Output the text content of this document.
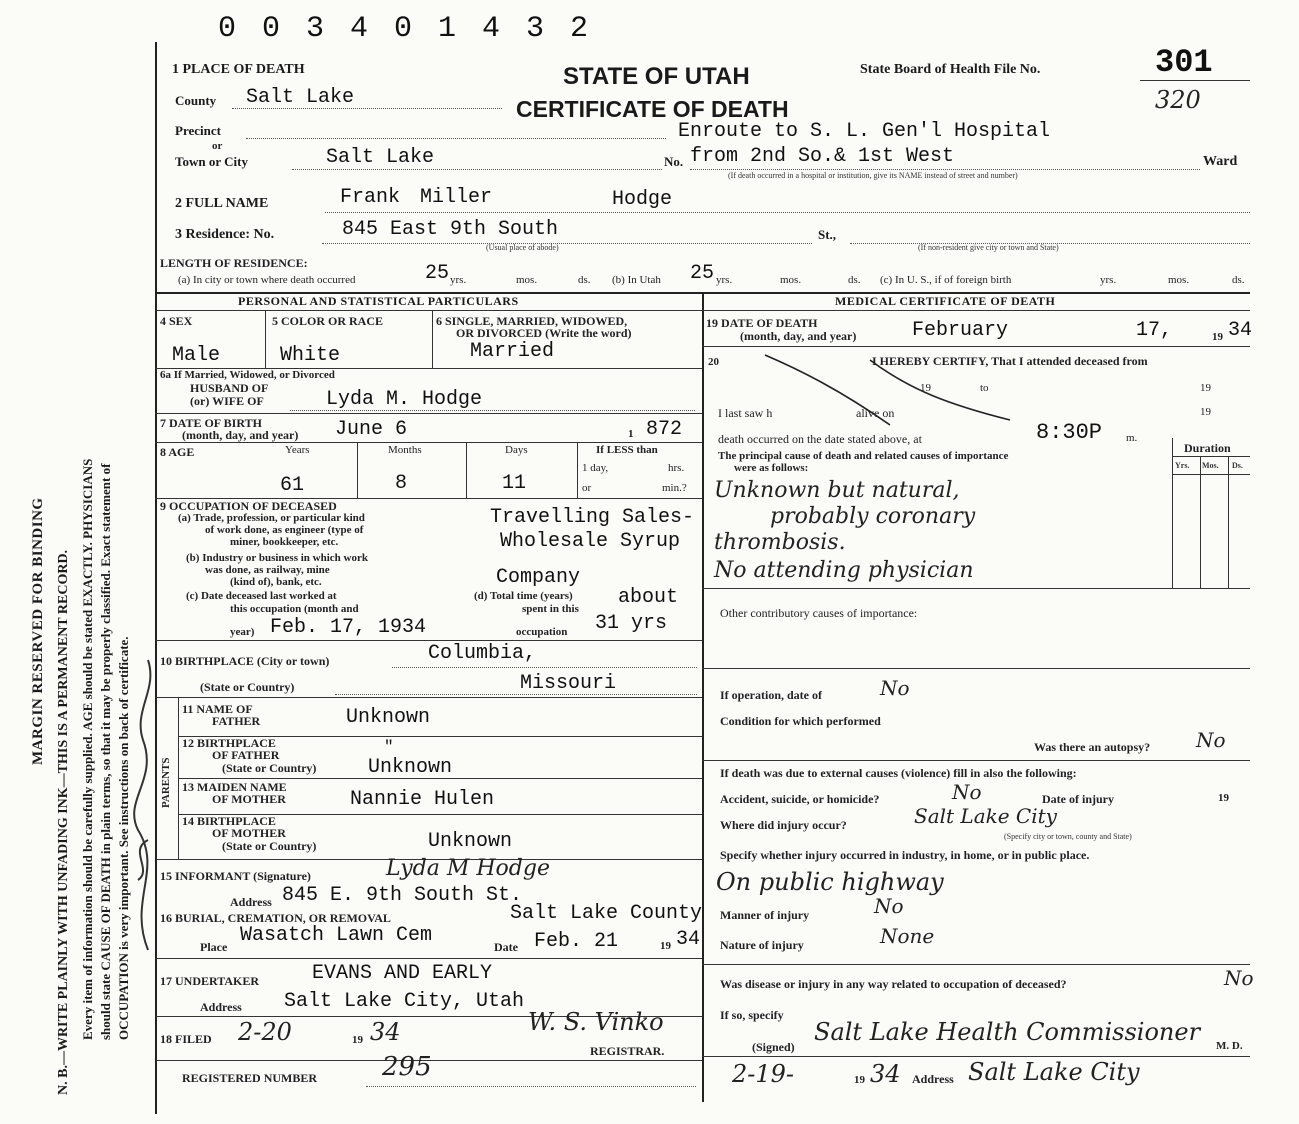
0 0 3 4 0 1 4 3 2
MARGIN RESERVED FOR BINDING N. B.—WRITE PLAINLY WITH UNFADING INK—THIS IS A PERMANENT RECORD. Every item of information should be carefully supplied. AGE should be stated EXACTLY. PHYSICIANS should state CAUSE OF DEATH in plain terms, so that it may be properly classified. Exact statement of OCCUPATION is very important. See instructions on back of certificate.
1 PLACE OF DEATH	STATE OF UTAH
CERTIFICATE OF DEATH
State Board of Health File No.	301
320
County Salt Lake
Precinct
or
Town or City	Salt Lake	No.
Enroute to S. L. Gen'l Hospital
from 2nd So.& 1st West	Ward
(If death occurred in a hospital or institution, give its NAME instead of street and number)
2 FULL NAME	Frank Miller	Hodge
3 Residence: No.	845 East 9th South	St.,
(Usual place of abode)	(If non-resident give city or town and State)
LENGTH OF RESIDENCE:
(a) In city or town where death occurred	25 yrs.	mos.	ds. (b) In Utah 25 yrs.	mos.	ds. (c) In U. S., if of foreign birth	yrs.	mos.	ds.
PERSONAL AND STATISTICAL PARTICULARS	MEDICAL CERTIFICATE OF DEATH
4 SEX	5 COLOR OR RACE	6 SINGLE, MARRIED, WIDOWED,
OR DIVORCED (Write the word)
Male	White	Married
6a If Married, Widowed, or Divorced
HUSBAND OF
(or) WIFE OF	Lyda M. Hodge
7 DATE OF BIRTH
(month, day, and year) June 6	1 872
8 AGE	Years	Months	Days	If LESS than
1 day,	hrs.
or	min.?
61	8	11
9 OCCUPATION OF DECEASED
(a) Trade, profession, or particular kind
of work done, as engineer (type of
miner, bookkeeper, etc.
Travelling Sales-
(b) Industry or business in which work
was done, as railway, mine
(kind of), bank, etc.
Wholesale Syrup
Company
(c) Date deceased last worked at
this occupation (month and
year) Feb. 17, 1934
(d) Total time (years)
spent in this
occupation
about
31 yrs
10 BIRTHPLACE (City or town)	Columbia,
(State or Country)	Missouri
PARENTS
11 NAME OF
FATHER	Unknown
12 BIRTHPLACE
OF FATHER
(State or Country)
"
Unknown
13 MAIDEN NAME
OF MOTHER	Nannie Hulen
14 BIRTHPLACE
OF MOTHER
(State or Country)	Unknown
15 INFORMANT (Signature)	Lyda M Hodge
Address 845 E. 9th South St.
16 BURIAL, CREMATION, OR REMOVAL	Salt Lake County
Place Wasatch Lawn Cem	Date Feb. 21	19 34
17 UNDERTAKER	EVANS AND EARLY
Address Salt Lake City, Utah
18 FILED 2-20	19 34	W. S. Vinko
REGISTRAR.
REGISTERED NUMBER 295
19 DATE OF DEATH
(month, day, and year)	February	17,	19 34
20	I HEREBY CERTIFY, That I attended deceased from
19	to	19
I last saw h	alive on	19
death occurred on the date stated above, at	8:30P m.
Duration
Yrs. Mos. Ds.
The principal cause of death and related causes of importance
were as follows:
Unknown but natural,
probably coronary
thrombosis.
No attending physician
Other contributory causes of importance:
If operation, date of	No
Condition for which performed
Was there an autopsy? No
If death was due to external causes (violence) fill in also the following:
Accident, suicide, or homicide?	No	Date of injury	19
Where did injury occur?	Salt Lake City
(Specify city or town, county and State)
Specify whether injury occurred in industry, in home, or in public place.
On public highway
Manner of injury	No
Nature of injury	None
Was disease or injury in any way related to occupation of deceased?	No
If so, specify
(Signed)
Salt Lake Health Commissioner M. D.
2-19-	19 34 Address Salt Lake City
